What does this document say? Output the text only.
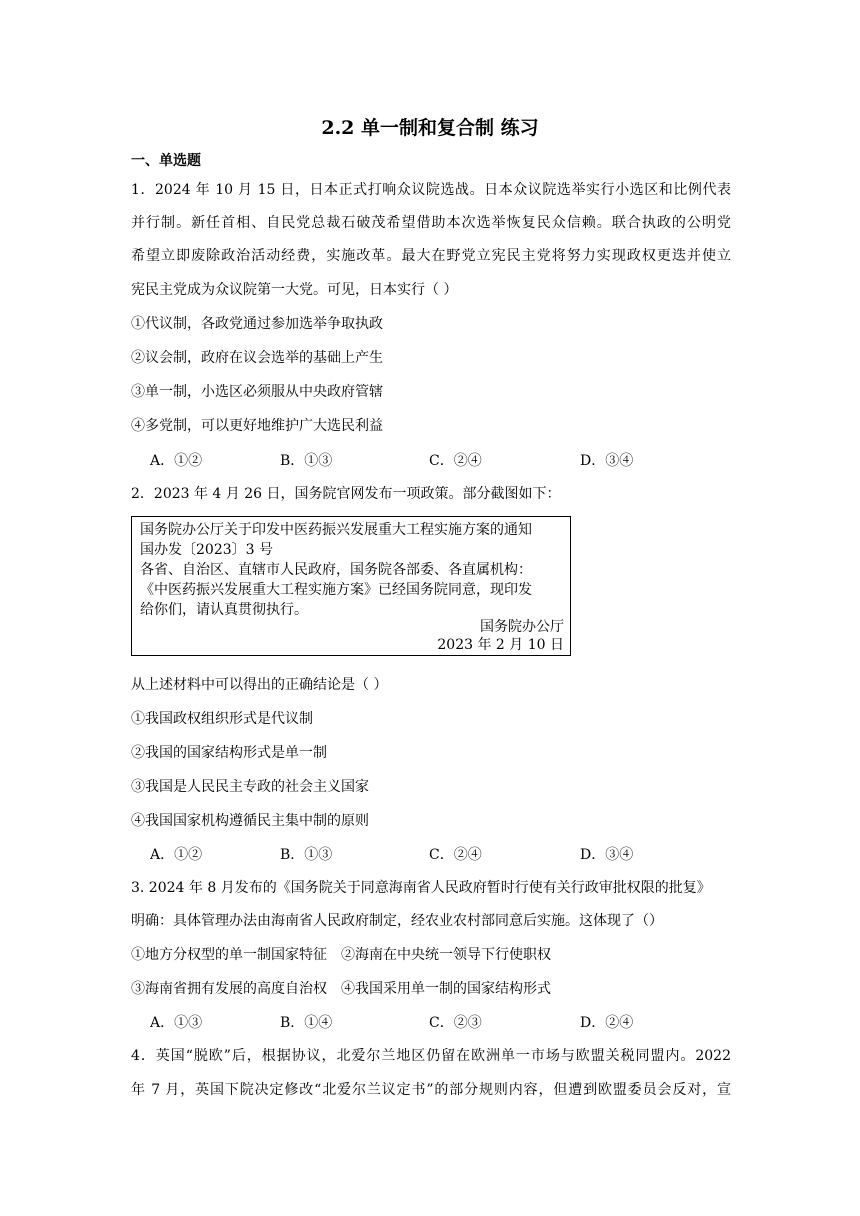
2.2 单一制和复合制 练习
一、单选题
1．2024 年 10 月 15 日，日本正式打响众议院选战。日本众议院选举实行小选区和比例代表
并行制。新任首相、自民党总裁石破茂希望借助本次选举恢复民众信赖。联合执政的公明党
希望立即废除政治活动经费，实施改革。最大在野党立宪民主党将努力实现政权更迭并使立
宪民主党成为众议院第一大党。可见，日本实行（ ）
①代议制，各政党通过参加选举争取执政
②议会制，政府在议会选举的基础上产生
③单一制，小选区必须服从中央政府管辖
④多党制，可以更好地维护广大选民利益
A．①②	B．①③	C．②④	D．③④
2．2023 年 4 月 26 日，国务院官网发布一项政策。部分截图如下：
国务院办公厅关于印发中医药振兴发展重大工程实施方案的通知
国办发〔2023〕3 号
各省、自治区、直辖市人民政府，国务院各部委、各直属机构：
《中医药振兴发展重大工程实施方案》已经国务院同意，现印发
给你们，请认真贯彻执行。
国务院办公厅
2023 年 2 月 10 日
从上述材料中可以得出的正确结论是（ ）
①我国政权组织形式是代议制
②我国的国家结构形式是单一制
③我国是人民民主专政的社会主义国家
④我国国家机构遵循民主集中制的原则
A．①②	B．①③	C．②④	D．③④
3. 2024 年 8 月发布的《国务院关于同意海南省人民政府暂时行使有关行政审批权限的批复》
明确：具体管理办法由海南省人民政府制定，经农业农村部同意后实施。这体现了（）
①地方分权型的单一制国家特征 ②海南在中央统一领导下行使职权
③海南省拥有发展的高度自治权 ④我国采用单一制的国家结构形式
A．①③	B．①④	C．②③	D．②④
4．英国“脱欧”后，根据协议，北爱尔兰地区仍留在欧洲单一市场与欧盟关税同盟内。2022
年 7 月，英国下院决定修改“北爱尔兰议定书”的部分规则内容，但遭到欧盟委员会反对，宣
